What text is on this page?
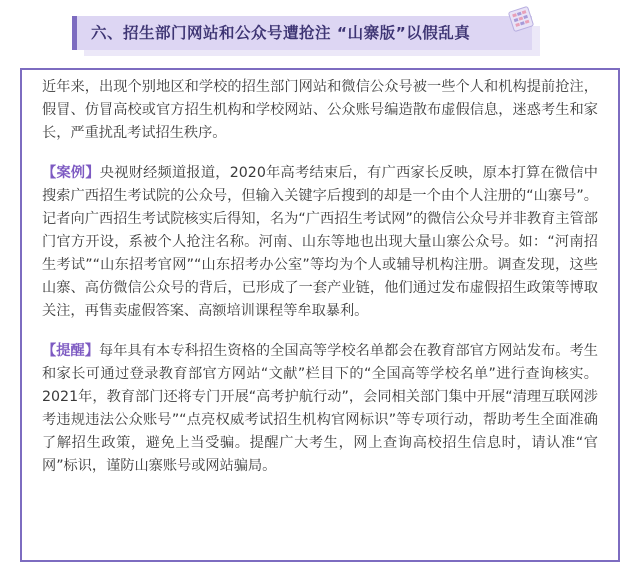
六、招生部门网站和公众号遭抢注 “山寨版”以假乱真

近年来，出现个别地区和学校的招生部门网站和微信公众号被一些个人和机构提前抢注，假冒、仿冒高校或官方招生机构和学校网站、公众账号编造散布虚假信息，迷惑考生和家长，严重扰乱考试招生秩序。

【案例】央视财经频道报道，2020年高考结束后，有广西家长反映，原本打算在微信中搜索广西招生考试院的公众号，但输入关键字后搜到的却是一个由个人注册的“山寨号”。记者向广西招生考试院核实后得知，名为“广西招生考试网”的微信公众号并非教育主管部门官方开设，系被个人抢注名称。河南、山东等地也出现大量山寨公众号。如：“河南招生考试”“山东招考官网”“山东招考办公室”等均为个人或辅导机构注册。调查发现，这些山寨、高仿微信公众号的背后，已形成了一套产业链，他们通过发布虚假招生政策等博取关注，再售卖虚假答案、高额培训课程等牟取暴利。

【提醒】每年具有本专科招生资格的全国高等学校名单都会在教育部官方网站发布。考生和家长可通过登录教育部官方网站“文献”栏目下的“全国高等学校名单”进行查询核实。2021年，教育部门还将专门开展“高考护航行动”，会同相关部门集中开展“清理互联网涉考违规违法公众账号”“点亮权威考试招生机构官网标识”等专项行动，帮助考生全面准确了解招生政策，避免上当受骗。提醒广大考生，网上查询高校招生信息时，请认准“官网”标识，谨防山寨账号或网站骗局。
